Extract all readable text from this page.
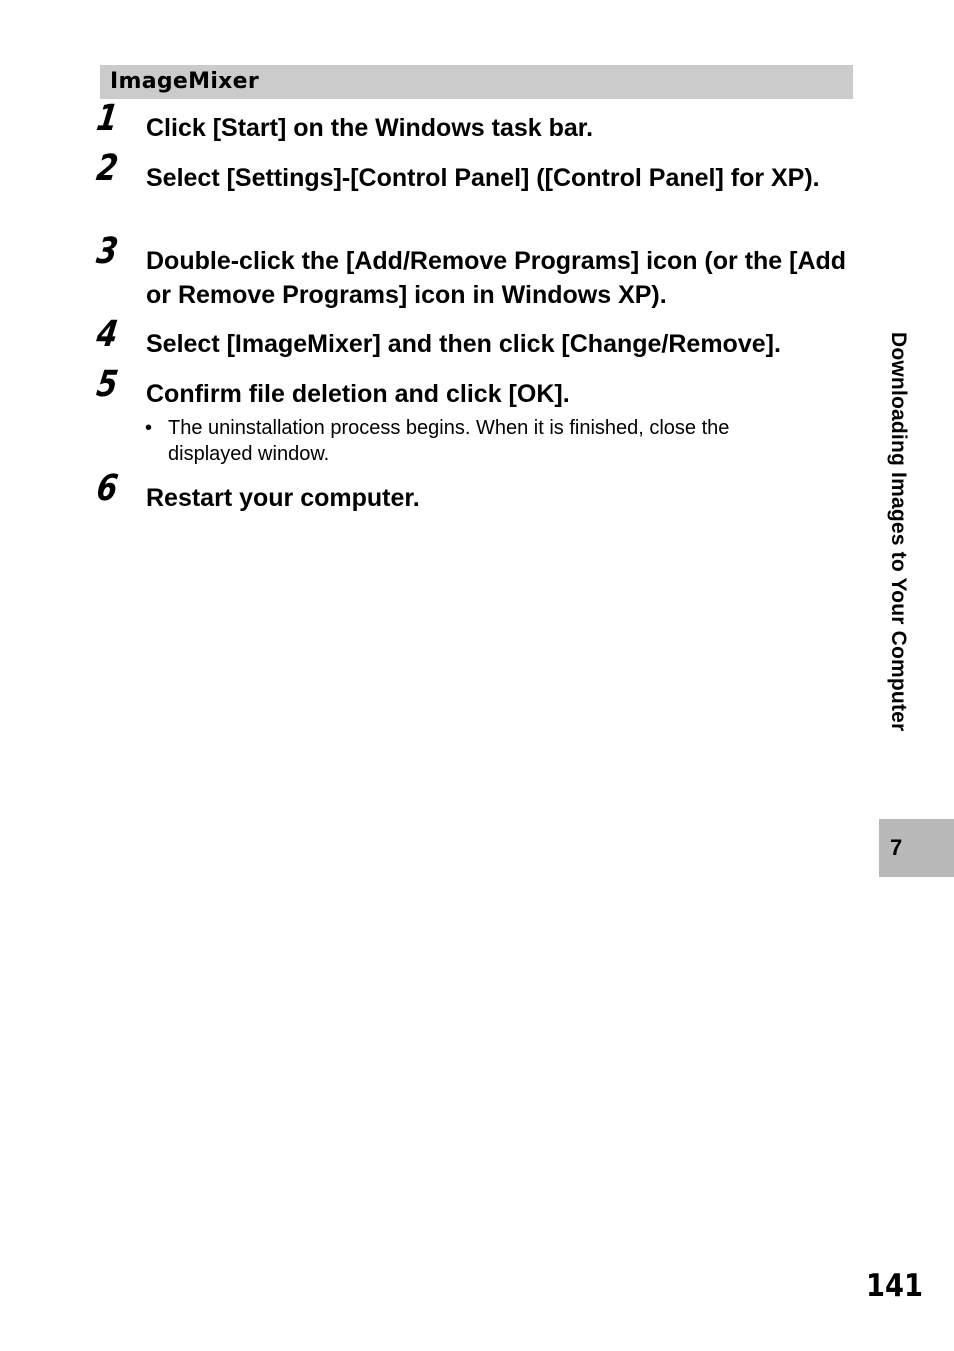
ImageMixer
1	Click [Start] on the Windows task bar.
2	Select [Settings]-[Control Panel] ([Control Panel] for XP).
3	Double-click the [Add/Remove Programs] icon (or the [Add or Remove Programs] icon in Windows XP).
4	Select [ImageMixer] and then click [Change/Remove].
5	Confirm file deletion and click [OK].
• The uninstallation process begins. When it is finished, close the displayed window.
6	Restart your computer.	Downloading Images to Your Computer
7
141
